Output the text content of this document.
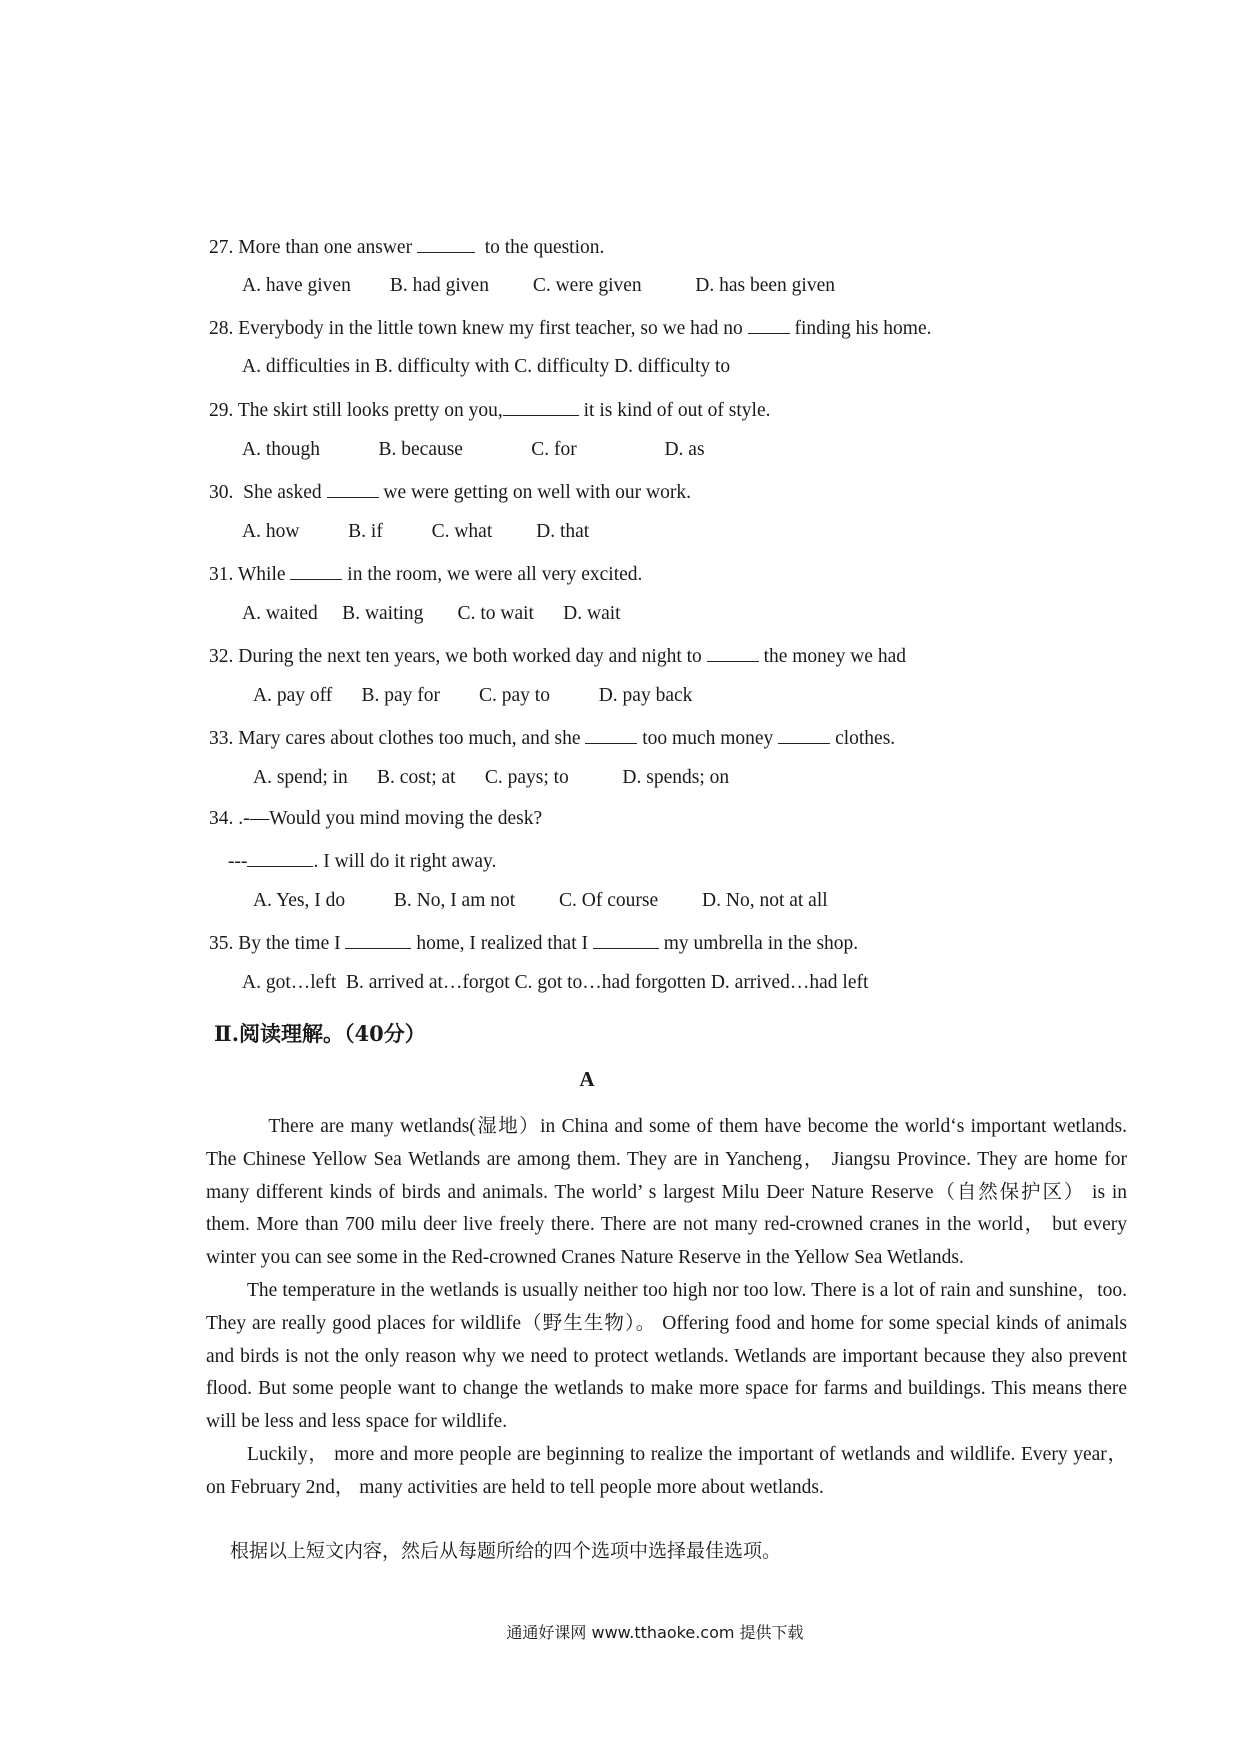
27. More than one answer	to the question.
A. have given        B. had given         C. were given           D. has been given
28. Everybody in the little town knew my first teacher, so we had no  finding his home.
A. difficulties in B. difficulty with C. difficulty D. difficulty to
29. The skirt still looks pretty on you,	it is kind of out of style.
A. though            B. because              C. for                  D. as
30.  She asked	we were getting on well with our work.
A. how          B. if          C. what         D. that
31. While	in the room, we were all very excited.
A. waited     B. waiting       C. to wait      D. wait
32. During the next ten years, we both worked day and night to	the money we had
A. pay off      B. pay for        C. pay to          D. pay back
33. Mary cares about clothes too much, and she	too much money	clothes.
A. spend; in      B. cost; at      C. pays; to           D. spends; on
34. .-—Would you mind moving the desk?
---	. I will do it right away.
A. Yes, I do          B. No, I am not         C. Of course         D. No, not at all
35. By the time I	home, I realized that I	my umbrella in the shop.
A. got…left  B. arrived at…forgot C. got to…had forgotten D. arrived…had left
Ⅱ.阅读理解。（40分）
A

There are many wetlands(湿地）in China and some of them have become the world‘s important wetlands. The Chinese Yellow Sea Wetlands are among them. They are in Yancheng， Jiangsu Province. They are home for many different kinds of birds and animals. The world’ s largest Milu Deer Nature Reserve（自然保护区） is in them. More than 700 milu deer live freely there. There are not many red-crowned cranes in the world， but every winter you can see some in the Red-crowned Cranes Nature Reserve in the Yellow Sea Wetlands.

The temperature in the wetlands is usually neither too high nor too low. There is a lot of rain and sunshine，too. They are really good places for wildlife（野生生物）。 Offering food and home for some special kinds of animals and birds is not the only reason why we need to protect wetlands. Wetlands are important because they also prevent flood. But some people want to change the wetlands to make more space for farms and buildings. This means there will be less and less space for wildlife.

Luckily， more and more people are beginning to realize the important of wetlands and wildlife. Every year，on February 2nd， many activities are held to tell people more about wetlands.

根据以上短文内容，然后从每题所给的四个选项中选择最佳选项。
通通好课网 www.tthaoke.com 提供下载
